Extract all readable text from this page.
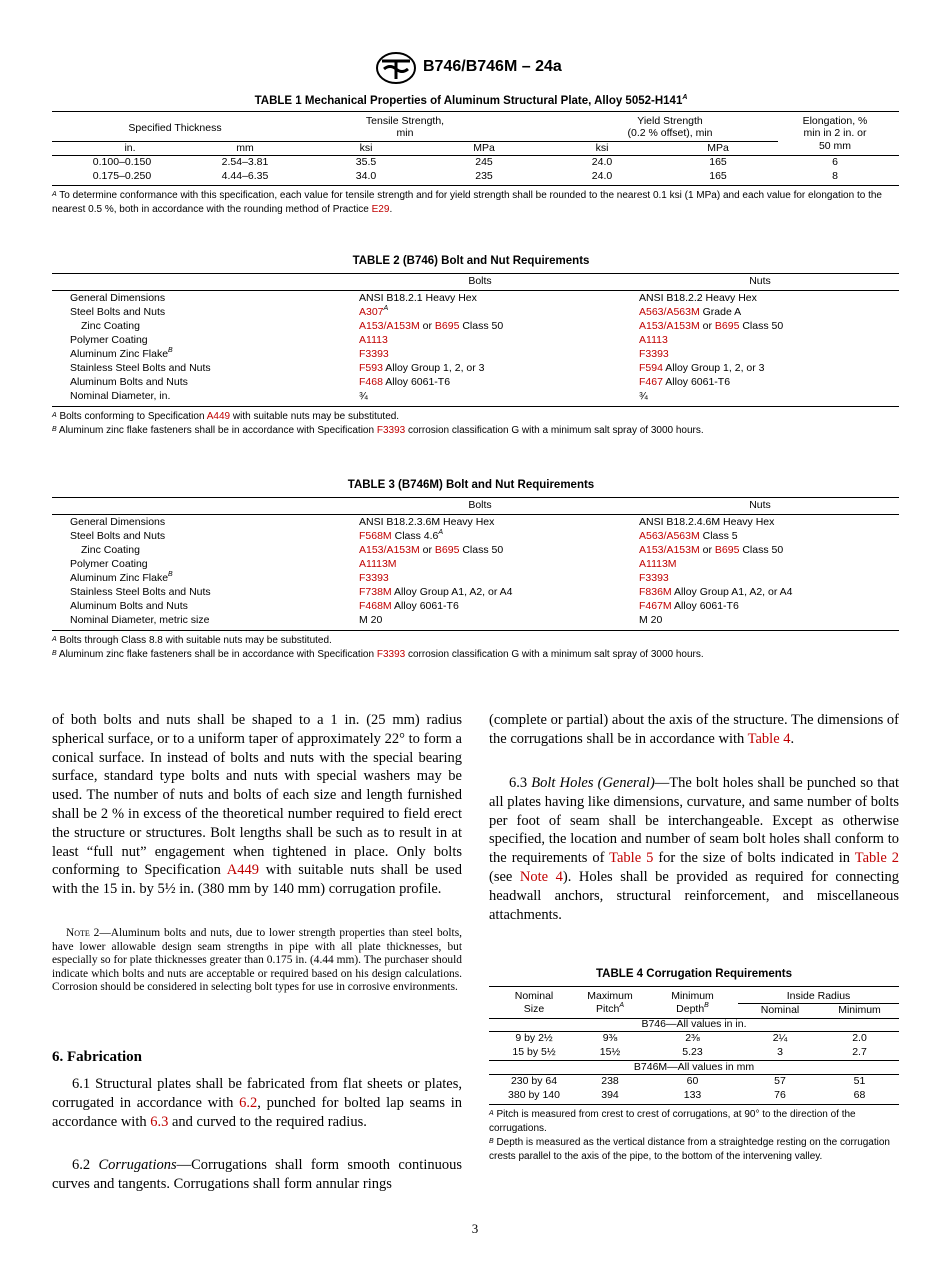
B746/B746M – 24a
TABLE 1 Mechanical Properties of Aluminum Structural Plate, Alloy $5052-H141^A$
Specified Thickness
Tensile Strength,
min
Yield Strength
(0.2 % offset), min
Elongation, %
min in 2 in. or
50 mm
in.	mm	ksi	MPa	ksi	MPa
0.100–0.150	2.54–3.81	35.5	245	24.0	165	6
0.175–0.250	4.44–6.35	34.0	235	24.0	165	8
$^A$ To determine conformance with this specification, each value for tensile strength and for yield strength shall be rounded to the nearest 0.1 ksi (1 MPa) and each value for elongation to the nearest 0.5 %, both in accordance with the rounding method of Practice E29.
TABLE 2 (B746) Bolt and Nut Requirements
Bolts	Nuts
General Dimensions	ANSI B18.2.1 Heavy Hex	ANSI B18.2.2 Heavy Hex
Steel Bolts and Nuts	$A307^A$	A563/A563M Grade A
Zinc Coating	A153/A153M or B695 Class 50	A153/A153M or B695 Class 50
Polymer Coating	A1113	A1113
Aluminum Zinc Flake$^B$	F3393	F3393
Stainless Steel Bolts and Nuts	F593 Alloy Group 1, 2, or 3	F594 Alloy Group 1, 2, or 3
Aluminum Bolts and Nuts	F468 Alloy 6061-T6	F467 Alloy 6061-T6
Nominal Diameter, in.	¾	¾
$^A$ Bolts conforming to Specification A449 with suitable nuts may be substituted.
$^B$ Aluminum zinc flake fasteners shall be in accordance with Specification F3393 corrosion classification G with a minimum salt spray of 3000 hours.
TABLE 3 (B746M) Bolt and Nut Requirements
Bolts	Nuts
General Dimensions	ANSI B18.2.3.6M Heavy Hex	ANSI B18.2.4.6M Heavy Hex
Steel Bolts and Nuts	F568M Class $4.6^A$	A563/A563M Class 5
Zinc Coating	A153/A153M or B695 Class 50	A153/A153M or B695 Class 50
Polymer Coating	A1113M	A1113M
Aluminum Zinc Flake$^B$	F3393	F3393
Stainless Steel Bolts and Nuts	F738M Alloy Group A1, A2, or A4	F836M Alloy Group A1, A2, or A4
Aluminum Bolts and Nuts	F468M Alloy 6061-T6	F467M Alloy 6061-T6
Nominal Diameter, metric size	M 20	M 20
$^A$ Bolts through Class 8.8 with suitable nuts may be substituted.
$^B$ Aluminum zinc flake fasteners shall be in accordance with Specification F3393 corrosion classification G with a minimum salt spray of 3000 hours.
of both bolts and nuts shall be shaped to a 1 in. (25 mm) radius spherical surface, or to a uniform taper of approximately 22° to form a conical surface. In instead of bolts and nuts with the special bearing surface, standard type bolts and nuts with special washers may be used. The number of nuts and bolts of each size and length furnished shall be 2 % in excess of the theoretical number required to field erect the structure or structures. Bolt lengths shall be such as to result in at least “full nut” engagement when tightened in place. Only bolts conforming to Specification A449 with suitable nuts shall be used with the 15 in. by 5½ in. (380 mm by 140 mm) corrugation profile.
Note 2—Aluminum bolts and nuts, due to lower strength properties than steel bolts, have lower allowable design seam strengths in pipe with all plate thicknesses, but especially so for plate thicknesses greater than 0.175 in. (4.44 mm). The purchaser should indicate which bolts and nuts are acceptable or required based on his design calculations. Corrosion should be considered in selecting bolt types for use in corrosive environments.
6. Fabrication
6.1 Structural plates shall be fabricated from flat sheets or plates, corrugated in accordance with 6.2, punched for bolted lap seams in accordance with 6.3 and curved to the required radius.
6.2 Corrugations—Corrugations shall form smooth continuous curves and tangents. Corrugations shall form annular rings
(complete or partial) about the axis of the structure. The dimensions of the corrugations shall be in accordance with Table 4.
6.3 Bolt Holes (General)—The bolt holes shall be punched so that all plates having like dimensions, curvature, and same number of bolts per foot of seam shall be interchangeable. Except as otherwise specified, the location and number of seam bolt holes shall conform to the requirements of Table 5 for the size of bolts indicated in Table 2 (see Note 4). Holes shall be provided as required for connecting headwall anchors, structural reinforcement, and miscellaneous attachments.
TABLE 4 Corrugation Requirements
Nominal
Size
Maximum
Pitch$^A$
Minimum
Depth$^B$
Inside Radius
Nominal	Minimum
B746—All values in in.
9 by 2½	9⅜	2⅜	2¼	2.0
15 by 5½	15½	5.23	3	2.7
B746M—All values in mm
230 by 64	238	60	57	51
380 by 140	394	133	76	68
$^A$ Pitch is measured from crest to crest of corrugations, at 90° to the direction of the corrugations.
$^B$ Depth is measured as the vertical distance from a straightedge resting on the corrugation crests parallel to the axis of the pipe, to the bottom of the intervening valley.
3
